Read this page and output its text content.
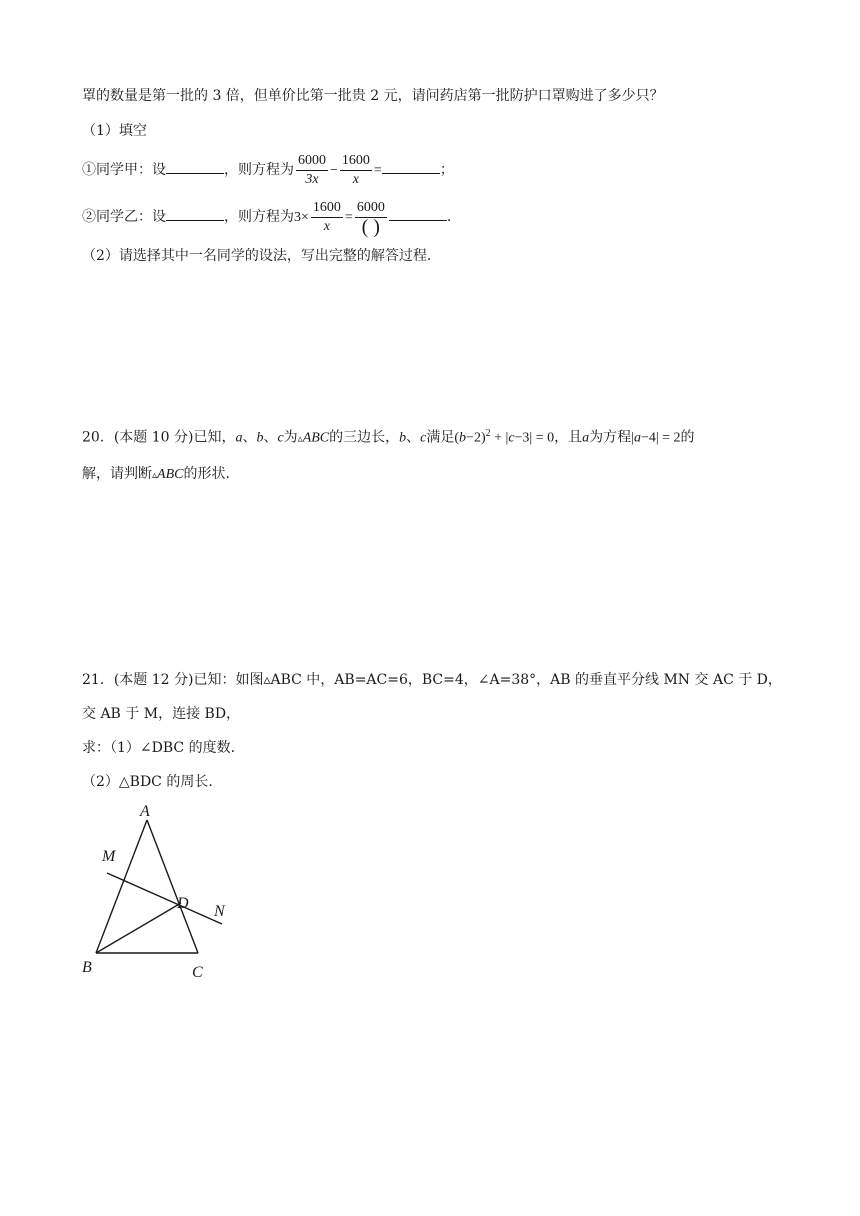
罩的数量是第一批的 3 倍，但单价比第一批贵 2 元，请问药店第一批防护口罩购进了多少只？
（1）填空
①同学甲：设	，则方程为 $\frac{6000}{3x} - \frac{1600}{x}$ =	；
②同学乙：设	，则方程为$3\times \frac{1600}{x} = \frac{6000}{( )}$	.
（2）请选择其中一名同学的设法，写出完整的解答过程.
20．(本题 10 分)已知，a、b、c为▵ABC的三边长，b、c满足$(b-2)^2 + |c-3| = 0$，且a为方程|a−4| = 2的
解，请判断▵ABC的形状.
21．(本题 12 分)已知：如图▵ABC 中，AB=AC=6，BC=4，∠A=38°，AB 的垂直平分线 MN 交 AC 于 D，
交 AB 于 M，连接 BD，
求：（1）∠DBC 的度数.
（2）△BDC 的周长.
A
M
D N
B	C
